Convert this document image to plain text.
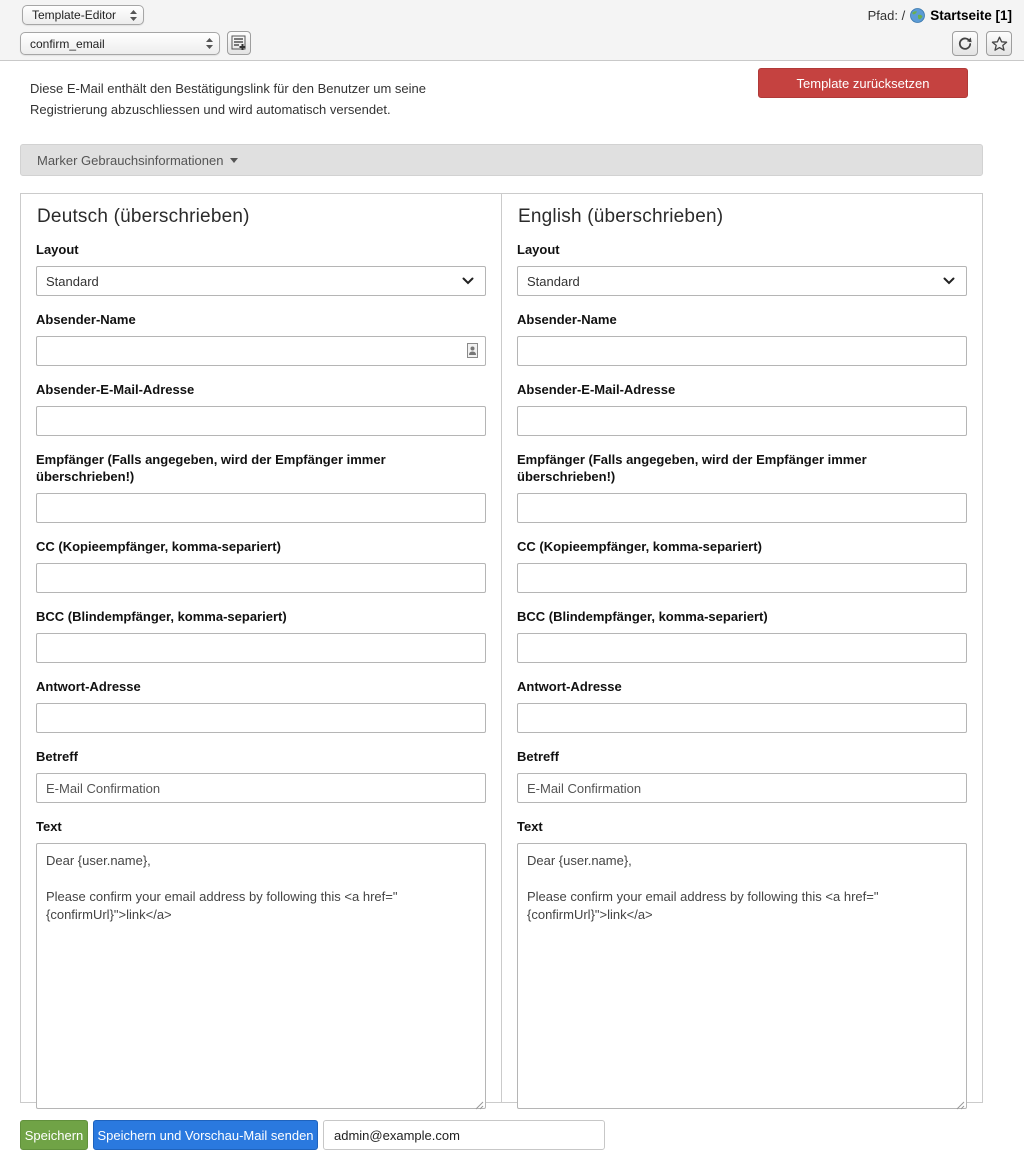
Template-Editor
confirm_email
Pfad: / Startseite [1]
Diese E-Mail enthält den Bestätigungslink für den Benutzer um seine
Registrierung abzuschliessen und wird automatisch versendet.
Template zurücksetzen
Marker Gebrauchsinformationen
Deutsch (überschrieben)
Layout
Standard
Absender-Name
Absender-E-Mail-Adresse
Empfänger (Falls angegeben, wird der Empfänger immer überschrieben!)
CC (Kopieempfänger, komma-separiert)
BCC (Blindempfänger, komma-separiert)
Antwort-Adresse
Betreff
E-Mail Confirmation
Text
Dear {user.name}, Please confirm your email address by following this <a href="{confirmUrl}">link</a>
English (überschrieben)
Layout
Standard
Absender-Name
Absender-E-Mail-Adresse
Empfänger (Falls angegeben, wird der Empfänger immer überschrieben!)
CC (Kopieempfänger, komma-separiert)
BCC (Blindempfänger, komma-separiert)
Antwort-Adresse
Betreff
E-Mail Confirmation
Text
Dear {user.name}, Please confirm your email address by following this <a href="{confirmUrl}">link</a>
Speichern	Speichern und Vorschau-Mail senden
admin@example.com
